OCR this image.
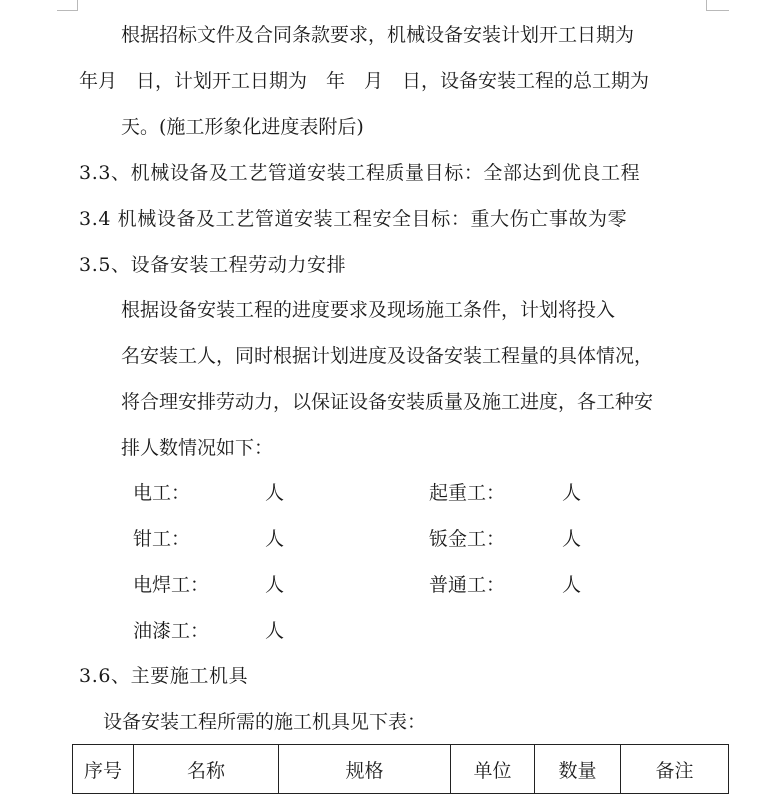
根据招标文件及合同条款要求，机械设备安装计划开工日期为
年月　日，计划开工日期为　年　月　日，设备安装工程的总工期为
天。(施工形象化进度表附后)
3.3、机械设备及工艺管道安装工程质量目标：全部达到优良工程
3.4 机械设备及工艺管道安装工程安全目标：重大伤亡事故为零
3.5、设备安装工程劳动力安排
根据设备安装工程的进度要求及现场施工条件，计划将投入
名安装工人，同时根据计划进度及设备安装工程量的具体情况，
将合理安排劳动力，以保证设备安装质量及施工进度，各工种安
排人数情况如下：
电工：	人	起重工：	人
钳工：	人	钣金工：	人
电焊工：	人	普通工：	人
油漆工：	人
3.6、主要施工机具
设备安装工程所需的施工机具见下表：
序号	名称	规格	单位	数量	备注
